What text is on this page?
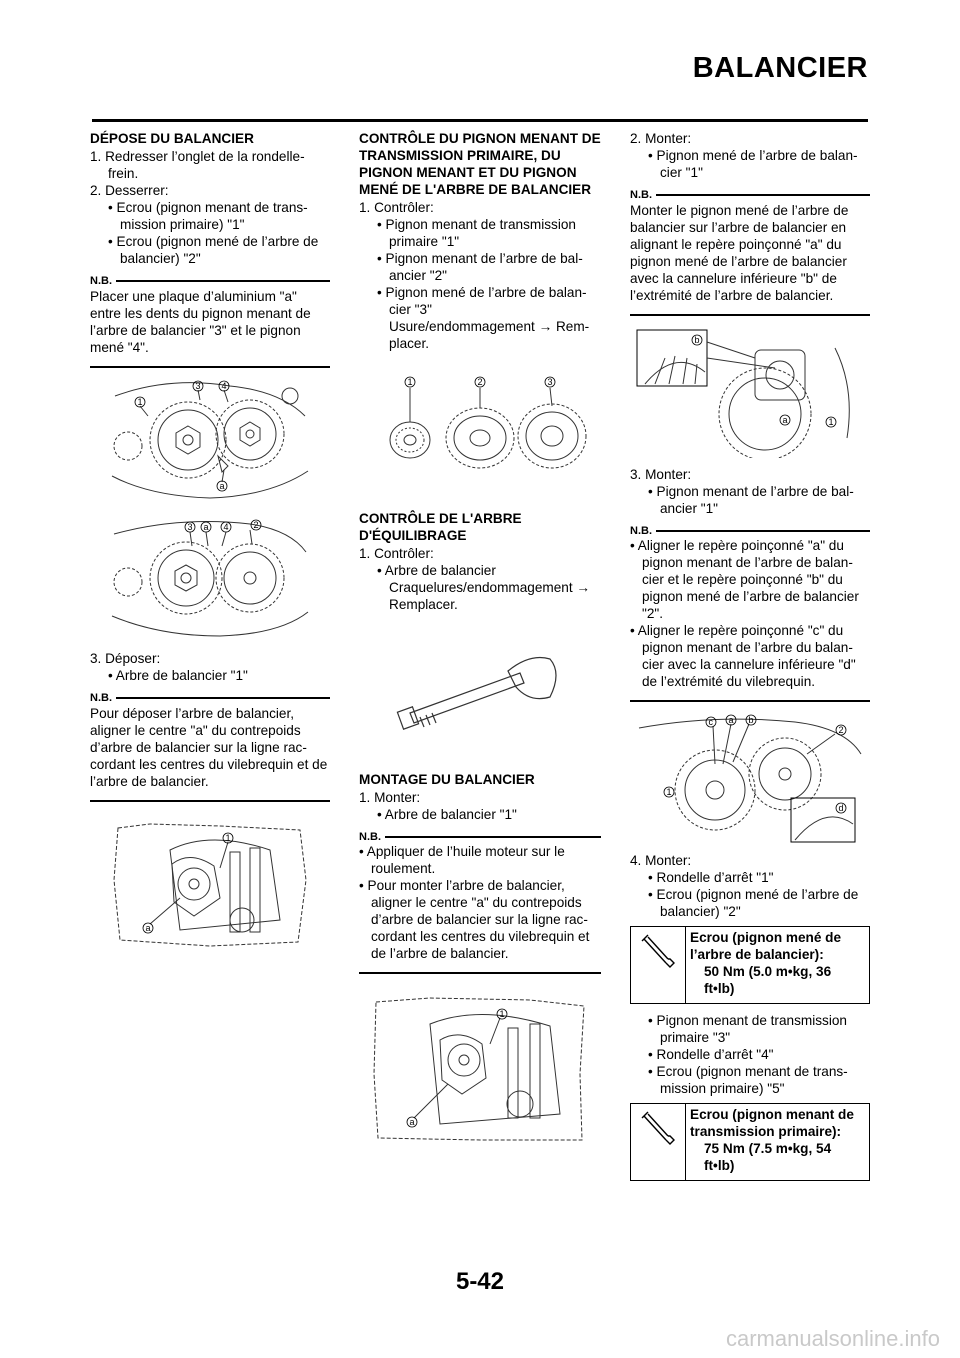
BALANCIER

DÉPOSE DU BALANCIER

1. Redresser l’onglet de la rondelle-frein.

2. Desserrer:

• Ecrou (pignon menant de trans-mission primaire) "1"

• Ecrou (pignon mené de l’arbre de balancier) "2"

N.B.

Placer une plaque d’aluminium "a" entre les dents du pignon menant de l’arbre de balancier "3" et le pignon mené "4".

1
3 4
a
3 a 4	2

3. Déposer:

• Arbre de balancier "1"

N.B.

Pour déposer l’arbre de balancier, aligner le centre "a" du contrepoids d’arbre de balancier sur la ligne rac-cordant les centres du vilebrequin et de l’arbre de balancier.

1
a

CONTRÔLE DU PIGNON MENANT DE TRANSMISSION PRIMAIRE, DU PIGNON MENANT ET DU PIGNON MENÉ DE L'ARBRE DE BALANCIER

1. Contrôler:

• Pignon menant de transmission primaire "1"

• Pignon menant de l’arbre de bal-ancier "2"

• Pignon mené de l’arbre de balan-cier "3"

Usure/endommagement → Rem-placer.

1	2	3

CONTRÔLE DE L'ARBRE D'ÉQUILIBRAGE

1. Contrôler:

• Arbre de balancier

Craquelures/endommagement → Remplacer.

MONTAGE DU BALANCIER

1. Monter:

• Arbre de balancier "1"

N.B.

• Appliquer de l’huile moteur sur le roulement.

• Pour monter l’arbre de balancier, aligner le centre "a" du contrepoids d’arbre de balancier sur la ligne rac-cordant les centres du vilebrequin et de l’arbre de balancier.

1
a

2. Monter:

• Pignon mené de l’arbre de balan-cier "1"

N.B.

Monter le pignon mené de l’arbre de balancier sur l’arbre de balancier en alignant le repère poinçonné "a" du pignon mené de l’arbre de balancier avec la cannelure inférieure "b" de l’extrémité de l’arbre de balancier.

b
a	1

3. Monter:

• Pignon menant de l’arbre de bal-ancier "1"

N.B.

• Aligner le repère poinçonné "a" du pignon menant de l’arbre de balan-cier et le repère poinçonné "b" du pignon mené de l’arbre de balancier "2".

• Aligner le repère poinçonné "c" du pignon menant de l’arbre du balan-cier avec la cannelure inférieure "d" de l’extrémité du vilebrequin.

c a b
2
1
d

4. Monter:

• Rondelle d’arrêt "1"

• Ecrou (pignon mené de l’arbre de balancier) "2"

Ecrou (pignon mené de l’arbre de balancier):
50 Nm (5.0 m•kg, 36 ft•lb)

• Pignon menant de transmission primaire "3"

• Rondelle d’arrêt "4"

• Ecrou (pignon menant de trans-mission primaire) "5"

Ecrou (pignon menant de transmission primaire):
75 Nm (7.5 m•kg, 54 ft•lb)
5-42
carmanualsonline.info
